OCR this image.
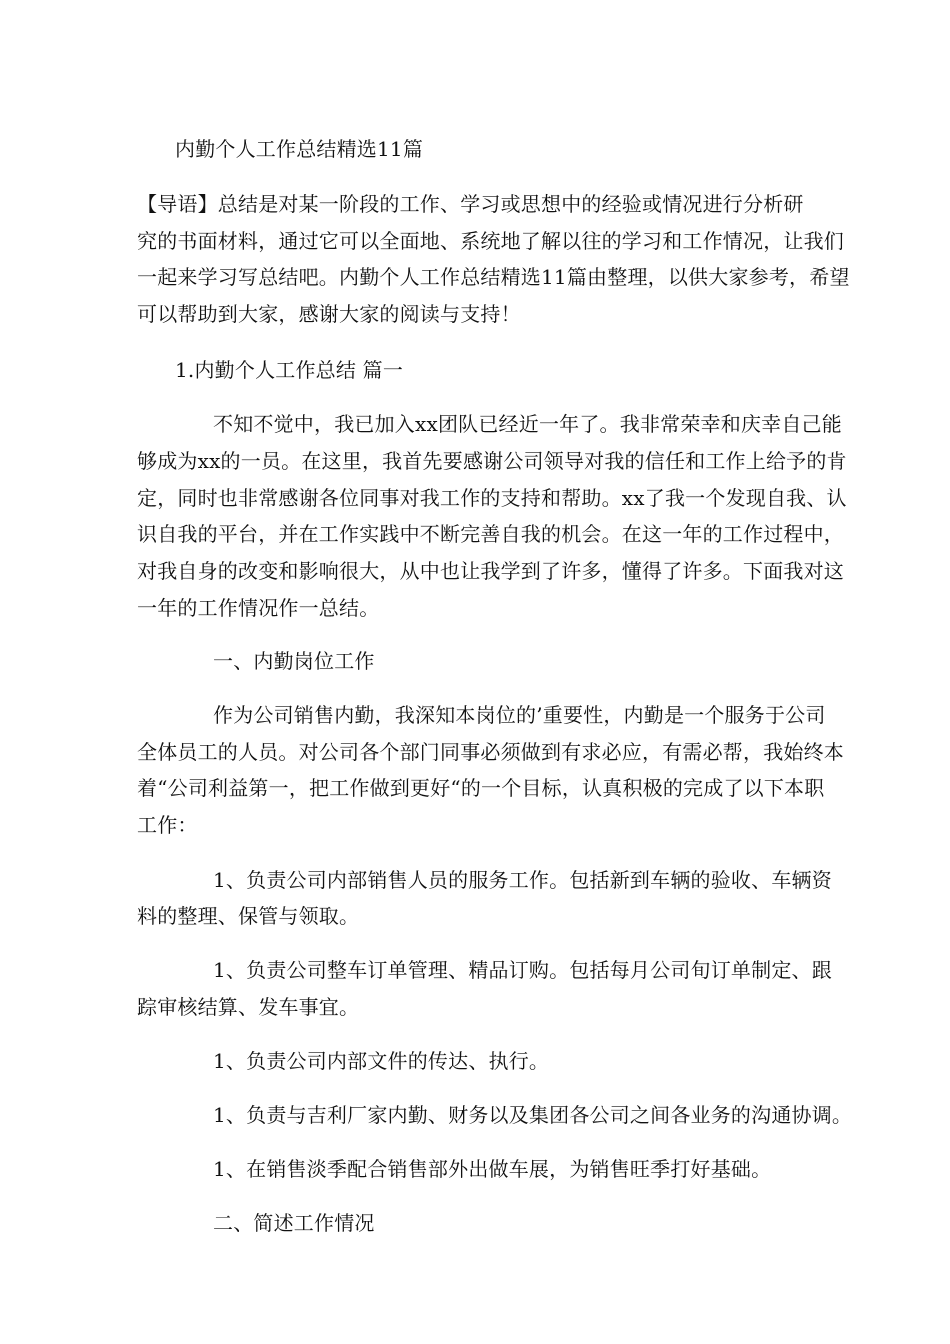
内勤个人工作总结精选11篇
【导语】总结是对某一阶段的工作、学习或思想中的经验或情况进行分析研
究的书面材料，通过它可以全面地、系统地了解以往的学习和工作情况，让我们
一起来学习写总结吧。内勤个人工作总结精选11篇由整理，以供大家参考，希望
可以帮助到大家，感谢大家的阅读与支持！
1.内勤个人工作总结 篇一
不知不觉中，我已加入xx团队已经近一年了。我非常荣幸和庆幸自己能
够成为xx的一员。在这里，我首先要感谢公司领导对我的信任和工作上给予的肯
定，同时也非常感谢各位同事对我工作的支持和帮助。xx了我一个发现自我、认
识自我的平台，并在工作实践中不断完善自我的机会。在这一年的工作过程中，
对我自身的改变和影响很大，从中也让我学到了许多，懂得了许多。下面我对这
一年的工作情况作一总结。
一、内勤岗位工作
作为公司销售内勤，我深知本岗位的’重要性，内勤是一个服务于公司
全体员工的人员。对公司各个部门同事必须做到有求必应，有需必帮，我始终本
着“公司利益第一，把工作做到更好“的一个目标，认真积极的完成了以下本职
工作：
1、负责公司内部销售人员的服务工作。包括新到车辆的验收、车辆资
料的整理、保管与领取。
1、负责公司整车订单管理、精品订购。包括每月公司旬订单制定、跟
踪审核结算、发车事宜。
1、负责公司内部文件的传达、执行。
1、负责与吉利厂家内勤、财务以及集团各公司之间各业务的沟通协调。
1、在销售淡季配合销售部外出做车展，为销售旺季打好基础。
二、简述工作情况
